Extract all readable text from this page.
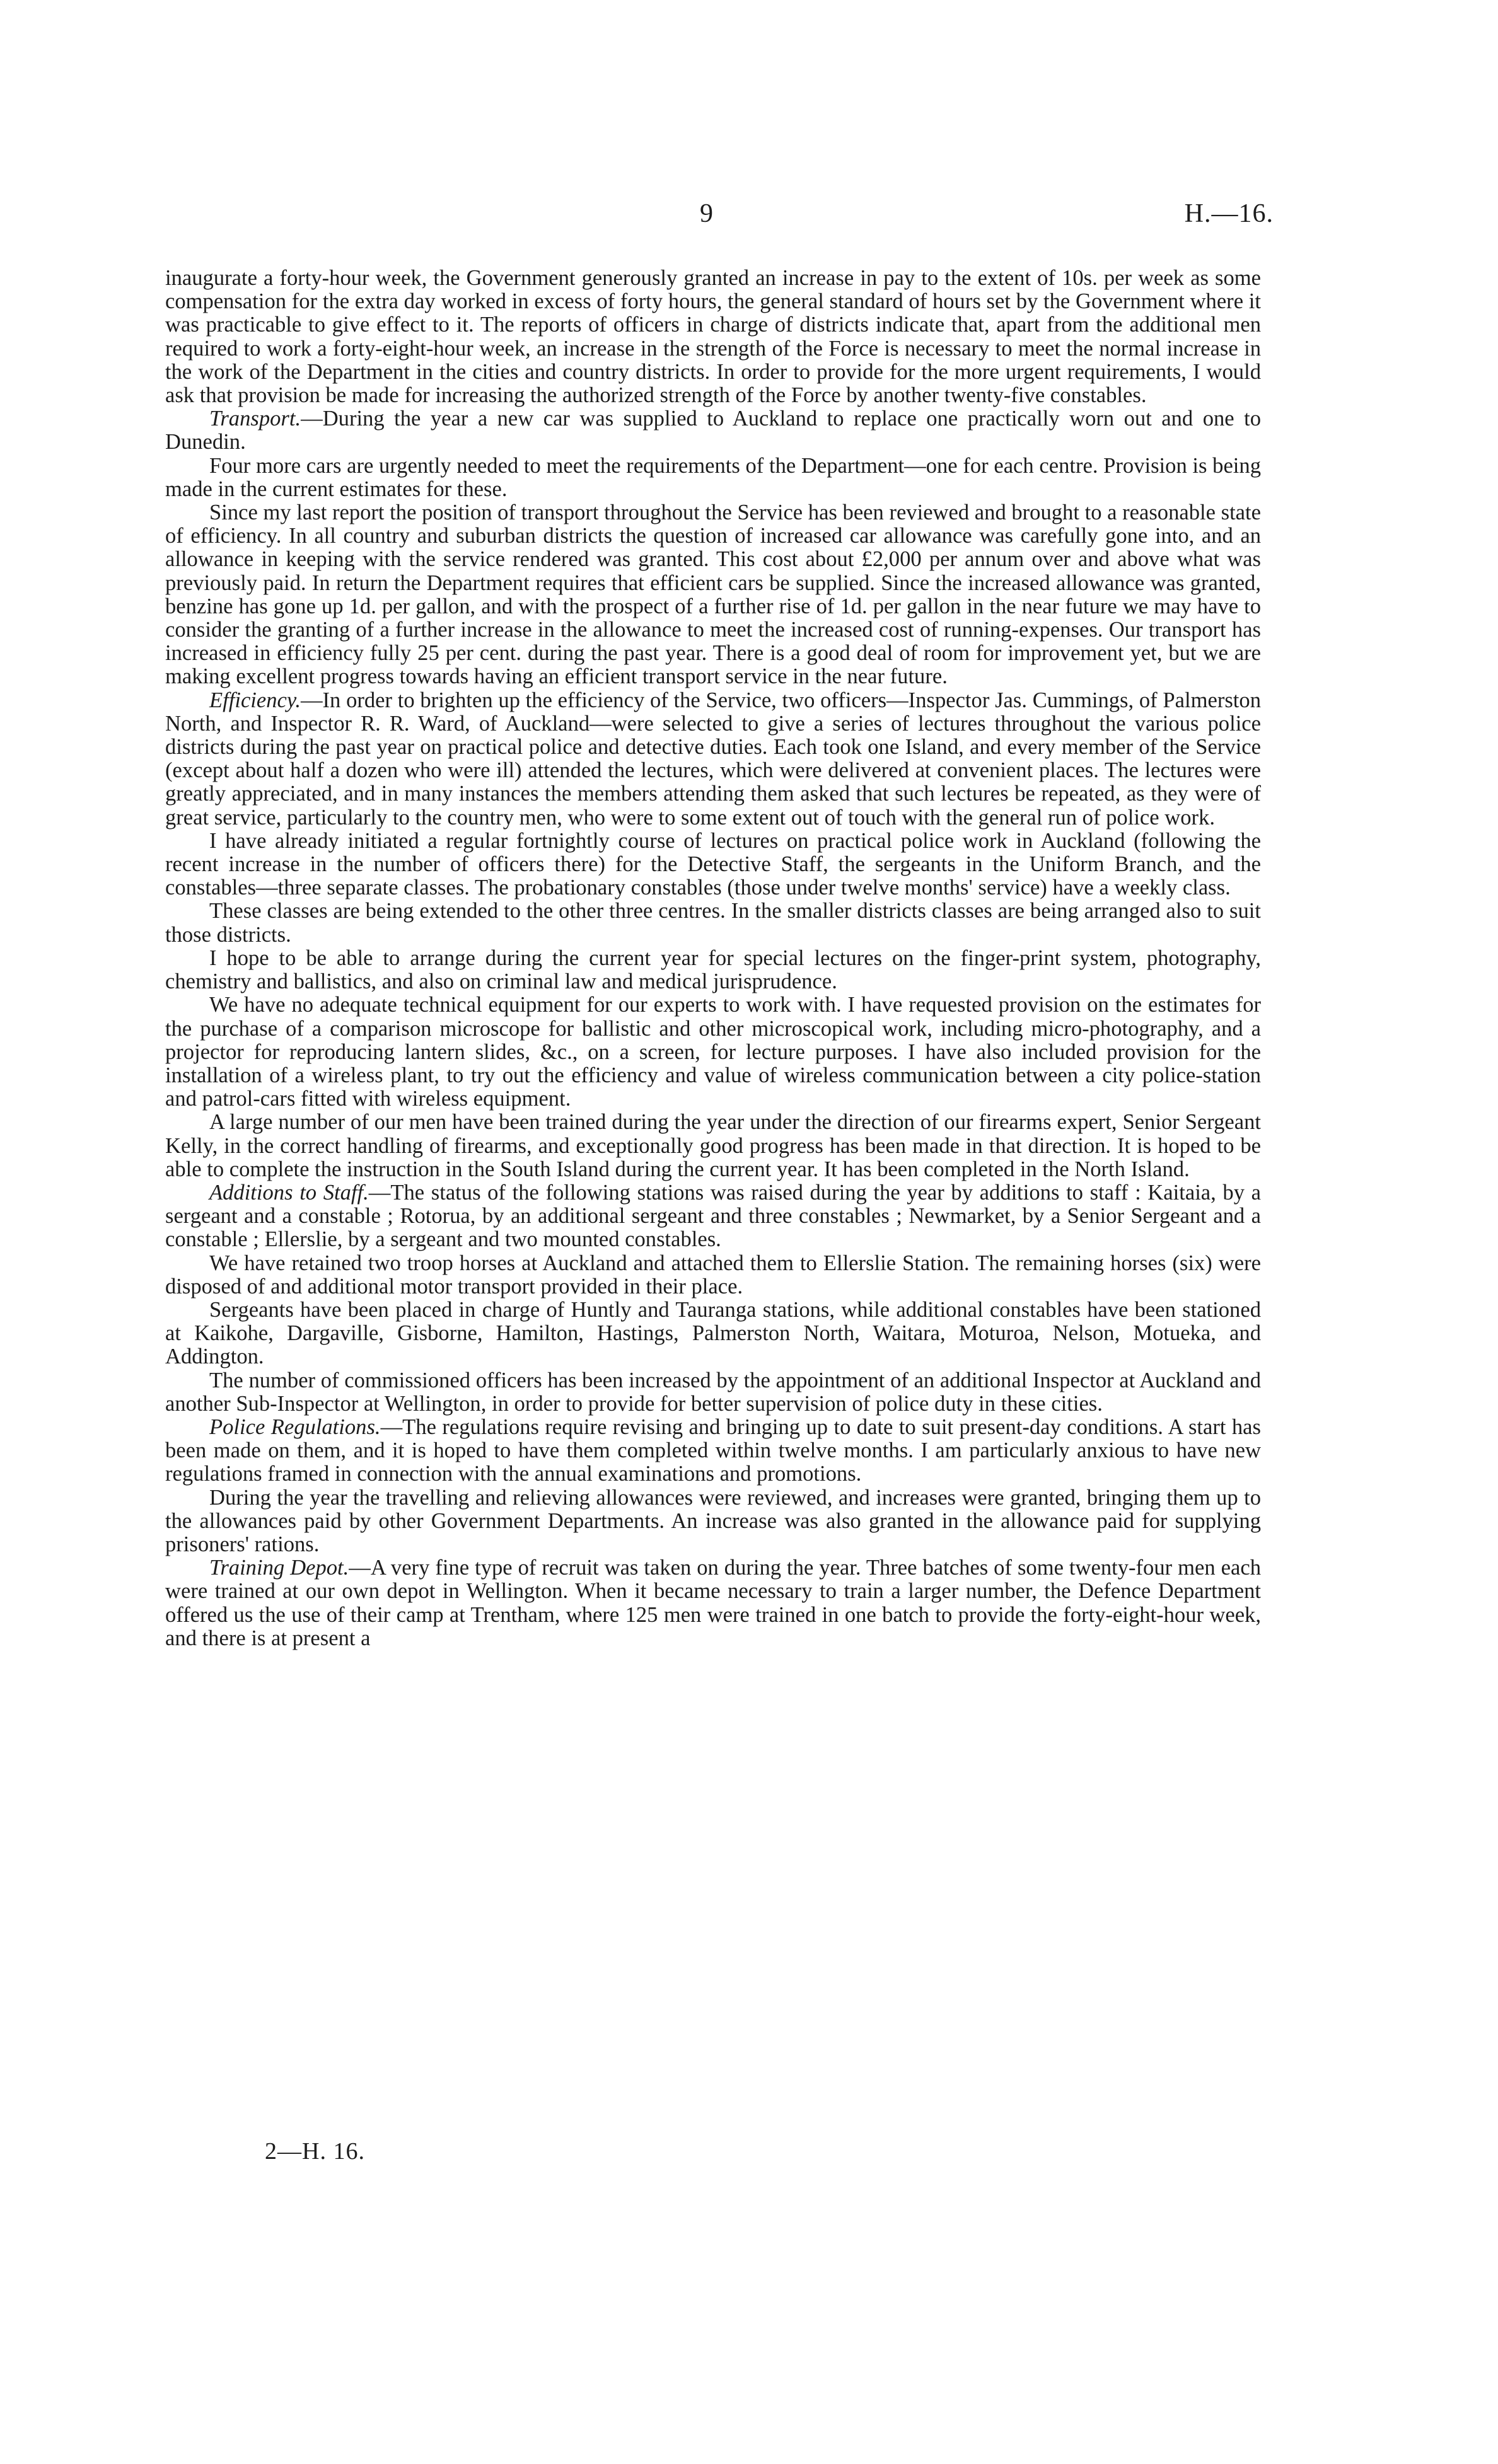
9	H.—16.

inaugurate a forty-hour week, the Government generously granted an increase in pay to the extent of 10s. per week as some compensation for the extra day worked in excess of forty hours, the general standard of hours set by the Government where it was practicable to give effect to it. The reports of officers in charge of districts indicate that, apart from the additional men required to work a forty-eight-hour week, an increase in the strength of the Force is necessary to meet the normal increase in the work of the Department in the cities and country districts. In order to provide for the more urgent requirements, I would ask that provision be made for increasing the authorized strength of the Force by another twenty-five constables.

Transport.—During the year a new car was supplied to Auckland to replace one practically worn out and one to Dunedin.

Four more cars are urgently needed to meet the requirements of the Department—one for each centre. Provision is being made in the current estimates for these.

Since my last report the position of transport throughout the Service has been reviewed and brought to a reasonable state of efficiency. In all country and suburban districts the question of increased car allowance was carefully gone into, and an allowance in keeping with the service rendered was granted. This cost about £2,000 per annum over and above what was previously paid. In return the Department requires that efficient cars be supplied. Since the increased allowance was granted, benzine has gone up 1d. per gallon, and with the prospect of a further rise of 1d. per gallon in the near future we may have to consider the granting of a further increase in the allowance to meet the increased cost of running-expenses. Our transport has increased in efficiency fully 25 per cent. during the past year. There is a good deal of room for improvement yet, but we are making excellent progress towards having an efficient transport service in the near future.

Efficiency.—In order to brighten up the efficiency of the Service, two officers—Inspector Jas. Cummings, of Palmerston North, and Inspector R. R. Ward, of Auckland—were selected to give a series of lectures throughout the various police districts during the past year on practical police and detective duties. Each took one Island, and every member of the Service (except about half a dozen who were ill) attended the lectures, which were delivered at convenient places. The lectures were greatly appreciated, and in many instances the members attending them asked that such lectures be repeated, as they were of great service, particularly to the country men, who were to some extent out of touch with the general run of police work.

I have already initiated a regular fortnightly course of lectures on practical police work in Auckland (following the recent increase in the number of officers there) for the Detective Staff, the sergeants in the Uniform Branch, and the constables—three separate classes. The probationary constables (those under twelve months' service) have a weekly class.

These classes are being extended to the other three centres. In the smaller districts classes are being arranged also to suit those districts.

I hope to be able to arrange during the current year for special lectures on the finger-print system, photography, chemistry and ballistics, and also on criminal law and medical jurisprudence.

We have no adequate technical equipment for our experts to work with. I have requested provision on the estimates for the purchase of a comparison microscope for ballistic and other microscopical work, including micro-photography, and a projector for reproducing lantern slides, &c., on a screen, for lecture purposes. I have also included provision for the installation of a wireless plant, to try out the efficiency and value of wireless communication between a city police-station and patrol-cars fitted with wireless equipment.

A large number of our men have been trained during the year under the direction of our firearms expert, Senior Sergeant Kelly, in the correct handling of firearms, and exceptionally good progress has been made in that direction. It is hoped to be able to complete the instruction in the South Island during the current year. It has been completed in the North Island.

Additions to Staff.—The status of the following stations was raised during the year by additions to staff : Kaitaia, by a sergeant and a constable ; Rotorua, by an additional sergeant and three constables ; Newmarket, by a Senior Sergeant and a constable ; Ellerslie, by a sergeant and two mounted constables.

We have retained two troop horses at Auckland and attached them to Ellerslie Station. The remaining horses (six) were disposed of and additional motor transport provided in their place.

Sergeants have been placed in charge of Huntly and Tauranga stations, while additional constables have been stationed at Kaikohe, Dargaville, Gisborne, Hamilton, Hastings, Palmerston North, Waitara, Moturoa, Nelson, Motueka, and Addington.

The number of commissioned officers has been increased by the appointment of an additional Inspector at Auckland and another Sub-Inspector at Wellington, in order to provide for better supervision of police duty in these cities.

Police Regulations.—The regulations require revising and bringing up to date to suit present-day conditions. A start has been made on them, and it is hoped to have them completed within twelve months. I am particularly anxious to have new regulations framed in connection with the annual examinations and promotions.

During the year the travelling and relieving allowances were reviewed, and increases were granted, bringing them up to the allowances paid by other Government Departments. An increase was also granted in the allowance paid for supplying prisoners' rations.

Training Depot.—A very fine type of recruit was taken on during the year. Three batches of some twenty-four men each were trained at our own depot in Wellington. When it became necessary to train a larger number, the Defence Department offered us the use of their camp at Trentham, where 125 men were trained in one batch to provide the forty-eight-hour week, and there is at present a

2—H. 16.
